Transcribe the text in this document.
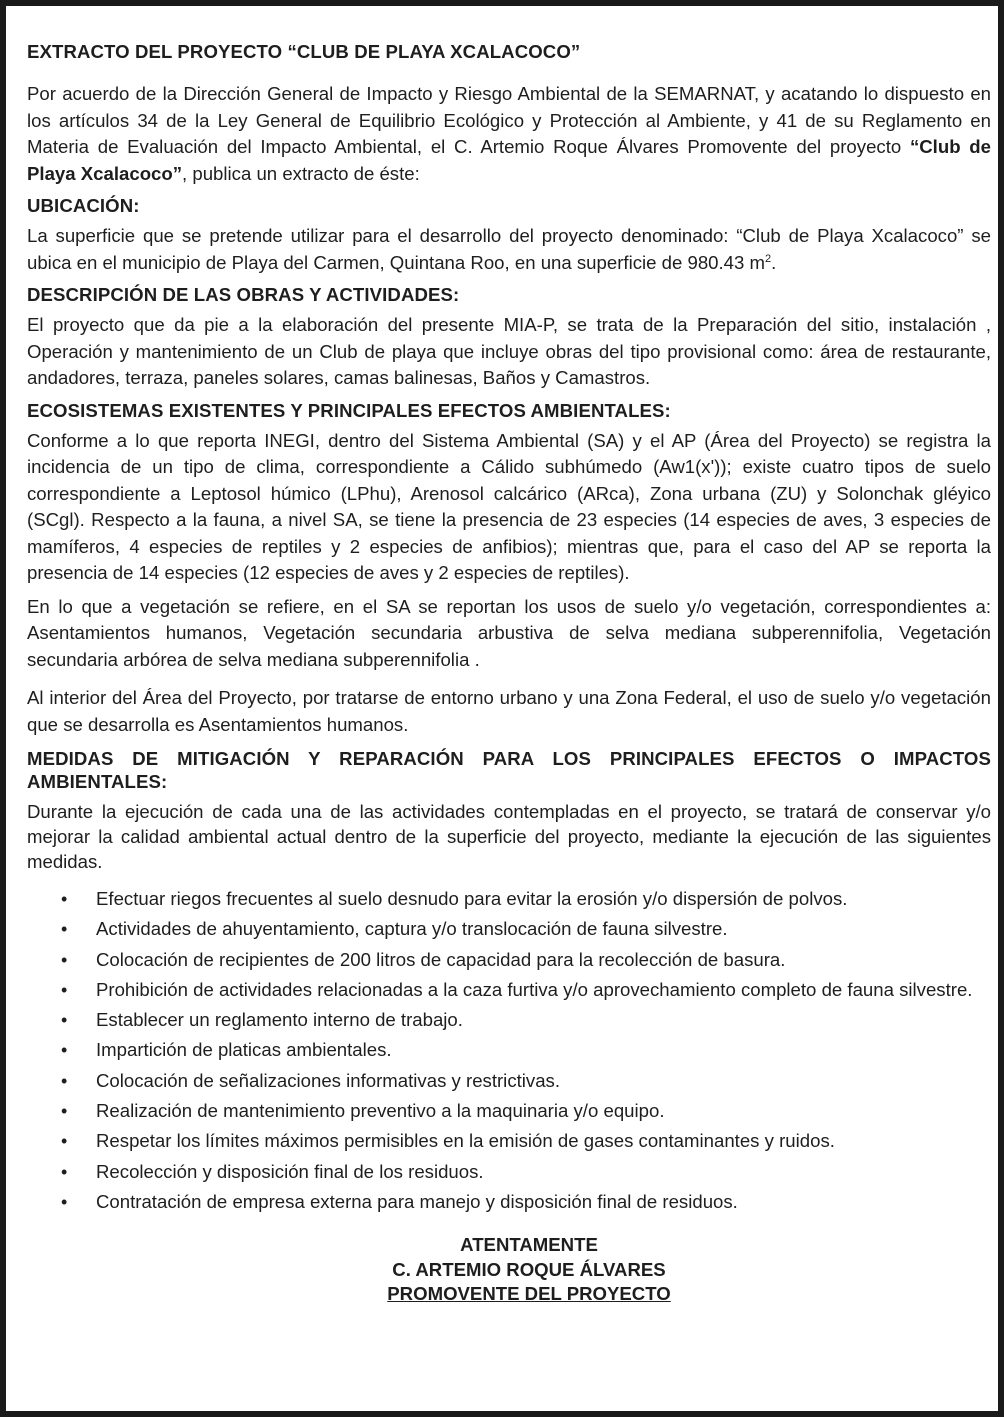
EXTRACTO DEL PROYECTO “CLUB DE PLAYA XCALACOCO”

Por acuerdo de la Dirección General de Impacto y Riesgo Ambiental de la SEMARNAT, y acatando lo dispuesto en los artículos 34 de la Ley General de Equilibrio Ecológico y Protección al Ambiente, y 41 de su Reglamento en Materia de Evaluación del Impacto Ambiental, el C. Artemio Roque Álvares Promovente del proyecto “Club de Playa Xcalacoco”, publica un extracto de éste:

UBICACIÓN:

La superficie que se pretende utilizar para el desarrollo del proyecto denominado: “Club de Playa Xcalacoco” se ubica en el municipio de Playa del Carmen, Quintana Roo, en una superficie de 980.43 $m^2$.

DESCRIPCIÓN DE LAS OBRAS Y ACTIVIDADES:

El proyecto que da pie a la elaboración del presente MIA-P, se trata de la Preparación del sitio, instalación , Operación y mantenimiento de un Club de playa que incluye obras del tipo provisional como: área de restaurante, andadores, terraza, paneles solares, camas balinesas, Baños y Camastros.

ECOSISTEMAS EXISTENTES Y PRINCIPALES EFECTOS AMBIENTALES:

Conforme a lo que reporta INEGI, dentro del Sistema Ambiental (SA) y el AP (Área del Proyecto) se registra la incidencia de un tipo de clima, correspondiente a Cálido subhúmedo (Aw1(x')); existe cuatro tipos de suelo correspondiente a Leptosol húmico (LPhu), Arenosol calcárico (ARca), Zona urbana (ZU) y Solonchak gléyico (SCgl). Respecto a la fauna, a nivel SA, se tiene la presencia de 23 especies (14 especies de aves, 3 especies de mamíferos, 4 especies de reptiles y 2 especies de anfibios); mientras que, para el caso del AP se reporta la presencia de 14 especies (12 especies de aves y 2 especies de reptiles).

En lo que a vegetación se refiere, en el SA se reportan los usos de suelo y/o vegetación, correspondientes a: Asentamientos humanos, Vegetación secundaria arbustiva de selva mediana subperennifolia, Vegetación secundaria arbórea de selva mediana subperennifolia .

Al interior del Área del Proyecto, por tratarse de entorno urbano y una Zona Federal, el uso de suelo y/o vegetación que se desarrolla es Asentamientos humanos.

MEDIDAS DE MITIGACIÓN Y REPARACIÓN PARA LOS PRINCIPALES EFECTOS O IMPACTOS AMBIENTALES:

Durante la ejecución de cada una de las actividades contempladas en el proyecto, se tratará de conservar y/o mejorar la calidad ambiental actual dentro de la superficie del proyecto, mediante la ejecución de las siguientes medidas.

• Efectuar riegos frecuentes al suelo desnudo para evitar la erosión y/o dispersión de polvos.
• Actividades de ahuyentamiento, captura y/o translocación de fauna silvestre.
• Colocación de recipientes de 200 litros de capacidad para la recolección de basura.
• Prohibición de actividades relacionadas a la caza furtiva y/o aprovechamiento completo de fauna silvestre.
• Establecer un reglamento interno de trabajo.
• Impartición de platicas ambientales.
• Colocación de señalizaciones informativas y restrictivas.
• Realización de mantenimiento preventivo a la maquinaria y/o equipo.
• Respetar los límites máximos permisibles en la emisión de gases contaminantes y ruidos.
• Recolección y disposición final de los residuos.
• Contratación de empresa externa para manejo y disposición final de residuos.
ATENTAMENTE
C. ARTEMIO ROQUE ÁLVARES
PROMOVENTE DEL PROYECTO
